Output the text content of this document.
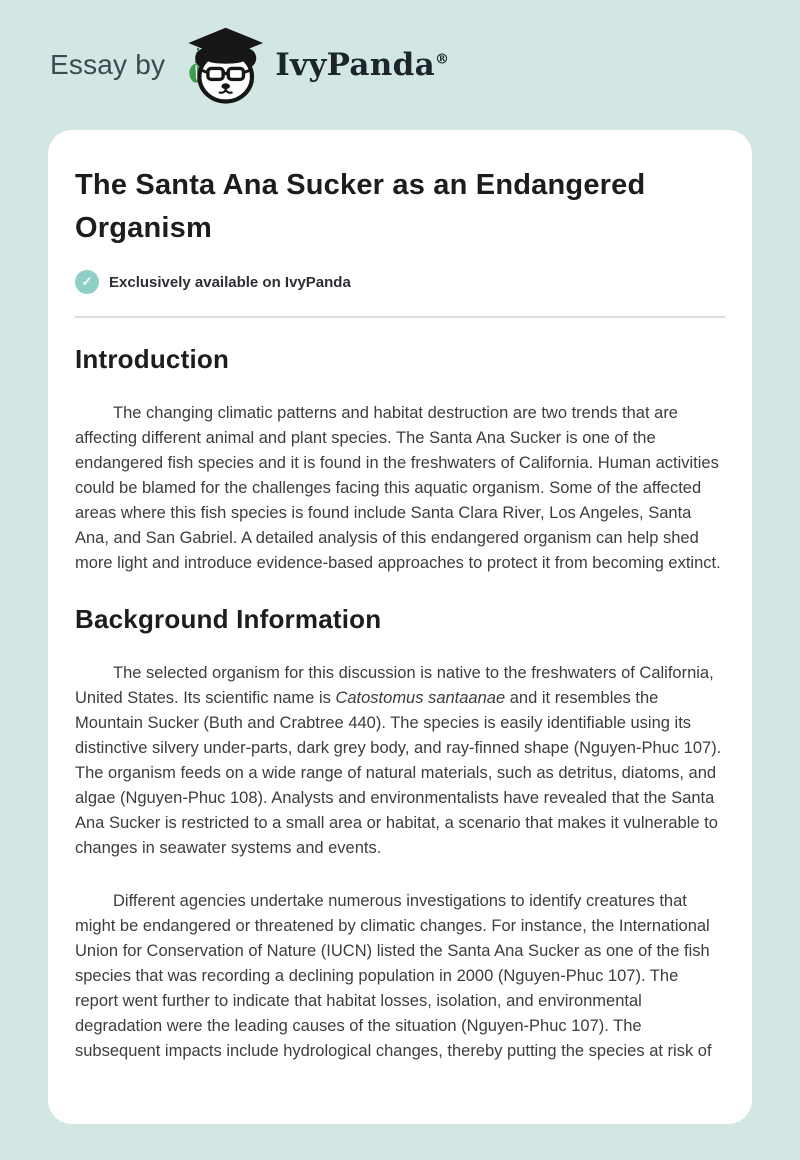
Essay by	IvyPanda®
The Santa Ana Sucker as an Endangered Organism
✓	Exclusively available on IvyPanda
Introduction

The changing climatic patterns and habitat destruction are two trends that are affecting different animal and plant species. The Santa Ana Sucker is one of the endangered fish species and it is found in the freshwaters of California. Human activities could be blamed for the challenges facing this aquatic organism. Some of the affected areas where this fish species is found include Santa Clara River, Los Angeles, Santa Ana, and San Gabriel. A detailed analysis of this endangered organism can help shed more light and introduce evidence-based approaches to protect it from becoming extinct.

Background Information

The selected organism for this discussion is native to the freshwaters of California, United States. Its scientific name is Catostomus santaanae and it resembles the Mountain Sucker (Buth and Crabtree 440). The species is easily identifiable using its distinctive silvery under-parts, dark grey body, and ray-finned shape (Nguyen-Phuc 107). The organism feeds on a wide range of natural materials, such as detritus, diatoms, and algae (Nguyen-Phuc 108). Analysts and environmentalists have revealed that the Santa Ana Sucker is restricted to a small area or habitat, a scenario that makes it vulnerable to changes in seawater systems and events.

Different agencies undertake numerous investigations to identify creatures that might be endangered or threatened by climatic changes. For instance, the International Union for Conservation of Nature (IUCN) listed the Santa Ana Sucker as one of the fish species that was recording a declining population in 2000 (Nguyen-Phuc 107). The report went further to indicate that habitat losses, isolation, and environmental degradation were the leading causes of the situation (Nguyen-Phuc 107). The subsequent impacts include hydrological changes, thereby putting the species at risk of
